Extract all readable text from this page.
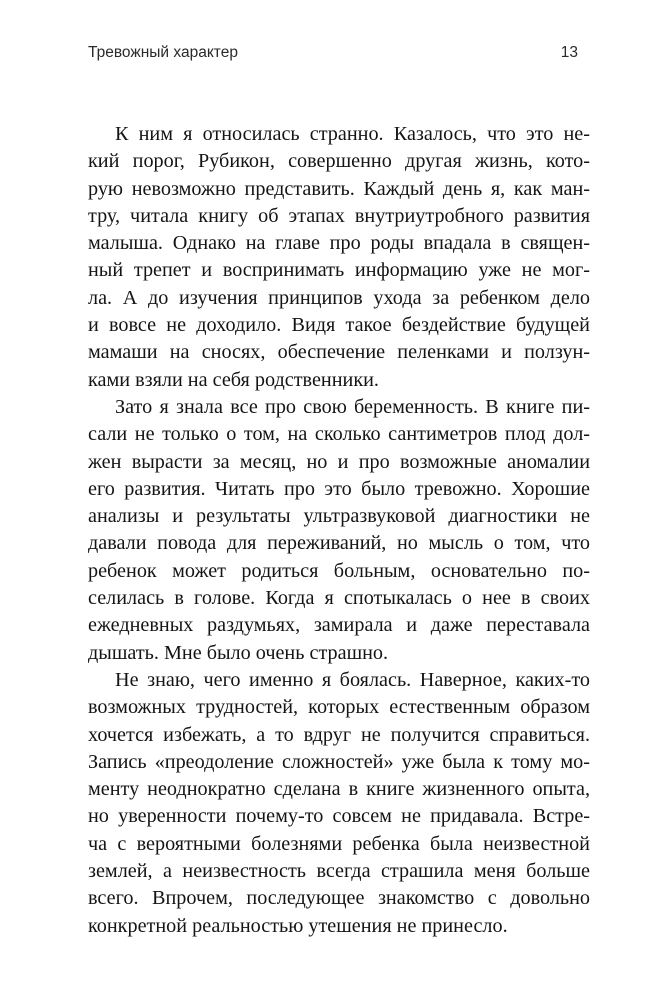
Тревожный характер	13
К ним я относилась странно. Казалось, что это не-
кий порог, Рубикон, совершенно другая жизнь, кото-
рую невозможно представить. Каждый день я, как ман-
тру, читала книгу об этапах внутриутробного развития
малыша. Однако на главе про роды впадала в священ-
ный трепет и воспринимать информацию уже не мог-
ла. А до изучения принципов ухода за ребенком дело
и вовсе не доходило. Видя такое бездействие будущей
мамаши на сносях, обеспечение пеленками и ползун-
ками взяли на себя родственники.
Зато я знала все про свою беременность. В книге пи-
сали не только о том, на сколько сантиметров плод дол-
жен вырасти за месяц, но и про возможные аномалии
его развития. Читать про это было тревожно. Хорошие
анализы и результаты ультразвуковой диагностики не
давали повода для переживаний, но мысль о том, что
ребенок может родиться больным, основательно по-
селилась в голове. Когда я спотыкалась о нее в своих
ежедневных раздумьях, замирала и даже переставала
дышать. Мне было очень страшно.
Не знаю, чего именно я боялась. Наверное, каких-то
возможных трудностей, которых естественным образом
хочется избежать, а то вдруг не получится справиться.
Запись «преодоление сложностей» уже была к тому мо-
менту неоднократно сделана в книге жизненного опыта,
но уверенности почему-то совсем не придавала. Встре-
ча с вероятными болезнями ребенка была неизвестной
землей, а неизвестность всегда страшила меня больше
всего. Впрочем, последующее знакомство с довольно
конкретной реальностью утешения не принесло.
